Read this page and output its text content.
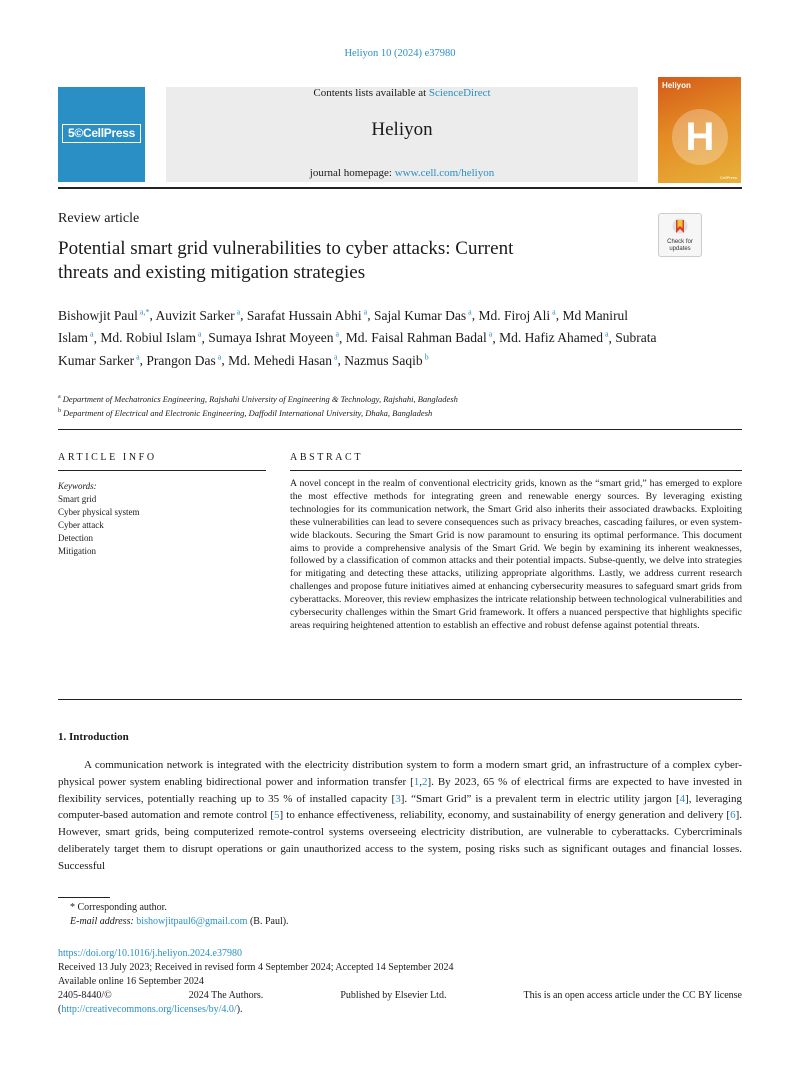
Heliyon 10 (2024) e37980
5©CellPress
Contents lists available at ScienceDirect
Heliyon
journal homepage: www.cell.com/heliyon
Heliyon
H
CellPress
Review article
Potential smart grid vulnerabilities to cyber attacks: Current
threats and existing mitigation strategies
Check for
updates
Bishowjit Paul $^{a,*}$, Auvizit Sarker $^a$, Sarafat Hussain Abhi $^a$, Sajal Kumar Das $^a$, Md. Firoj Ali $^a$, Md Manirul Islam $^a$, Md. Robiul Islam $^a$, Sumaya Ishrat Moyeen $^a$, Md. Faisal Rahman Badal $^a$, Md. Hafiz Ahamed $^a$, Subrata Kumar Sarker $^a$, Prangon Das $^a$, Md. Mehedi Hasan $^a$, Nazmus Saqib $^b$
$^a$ Department of Mechatronics Engineering, Rajshahi University of Engineering & Technology, Rajshahi, Bangladesh
$^b$ Department of Electrical and Electronic Engineering, Daffodil International University, Dhaka, Bangladesh
ARTICLE INFO	ABSTRACT
Keywords:
Smart grid
Cyber physical system
Cyber attack
Detection
Mitigation
A novel concept in the realm of conventional electricity grids, known as the “smart grid,” has emerged to explore the most effective methods for integrating green and renewable energy sources. By leveraging existing technologies for its communication network, the Smart Grid also inherits their associated drawbacks. Exploiting these vulnerabilities can lead to severe consequences such as privacy breaches, cascading failures, or even system-wide blackouts. Securing the Smart Grid is now paramount to ensuring its optimal performance. This document aims to provide a comprehensive analysis of the Smart Grid. We begin by examining its inherent weaknesses, followed by a classification of common attacks and their potential impacts. Subse-quently, we delve into strategies for mitigating and detecting these attacks, utilizing appropriate algorithms. Lastly, we address current research challenges and propose future initiatives aimed at enhancing cybersecurity measures to safeguard smart grids from cyberattacks. Moreover, this review emphasizes the intricate relationship between technological vulnerabilities and cybersecurity challenges within the Smart Grid framework. It offers a nuanced perspective that highlights specific areas requiring heightened attention to establish an effective and robust defense against potential threats.
1. Introduction
A communication network is integrated with the electricity distribution system to form a modern smart grid, an infrastructure of a complex cyber-physical power system enabling bidirectional power and information transfer [1,2]. By 2023, 65 % of electrical firms are expected to have invested in flexibility services, potentially reaching up to 35 % of installed capacity [3]. “Smart Grid” is a prevalent term in electric utility jargon [4], leveraging computer-based automation and remote control [5] to enhance effectiveness, reliability, economy, and sustainability of energy generation and delivery [6]. However, smart grids, being computerized remote-control systems overseeing electricity distribution, are vulnerable to cyberattacks. Cybercriminals deliberately target them to disrupt operations or gain unauthorized access to the system, posing risks such as significant outages and financial losses. Successful
* Corresponding author.
E-mail address: bishowjitpaul6@gmail.com (B. Paul).
https://doi.org/10.1016/j.heliyon.2024.e37980
Received 13 July 2023; Received in revised form 4 September 2024; Accepted 14 September 2024
Available online 16 September 2024
2405-8440/©	2024 The Authors.	Published by Elsevier Ltd.	This is an open access article under the CC BY license
(http://creativecommons.org/licenses/by/4.0/).
